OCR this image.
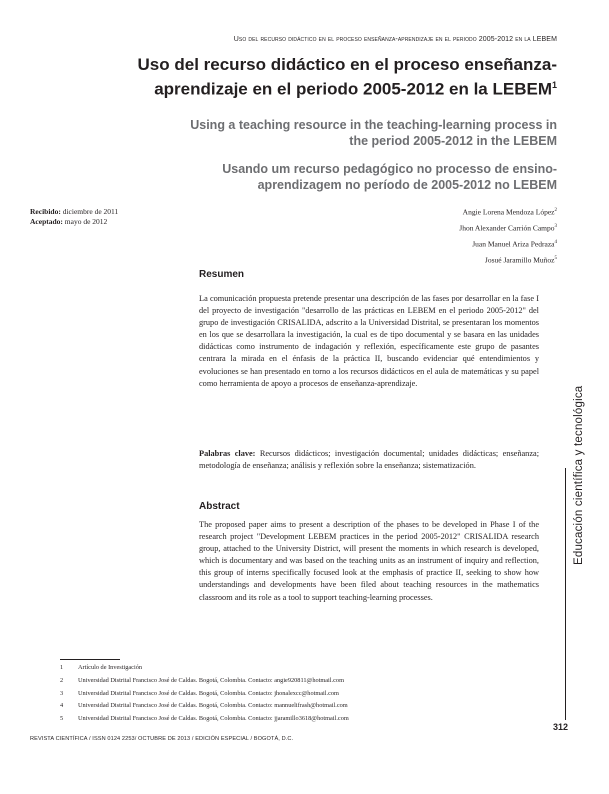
Uso del recurso didáctico en el proceso enseñanza-aprendizaje en el periodo 2005-2012 en la LEBEM
Uso del recurso didáctico en el proceso enseñanza-aprendizaje en el periodo 2005-2012 en la LEBEM$^1$
Using a teaching resource in the teaching-learning process in the period 2005-2012 in the LEBEM
Usando um recurso pedagógico no processo de ensino-aprendizagem no período de 2005-2012 no LEBEM
Recibido: diciembre de 2011
Aceptado: mayo de 2012
Angie Lorena Mendoza López$^2$
Jhon Alexander Carrión Campo$^3$
Juan Manuel Ariza Pedraza$^4$
Josué Jaramillo Muñoz$^5$
Resumen
La comunicación propuesta pretende presentar una descripción de las fases por desarrollar en la fase I del proyecto de investigación "desarrollo de las prácticas en LEBEM en el periodo 2005-2012" del grupo de investigación CRISALIDA, adscrito a la Universidad Distrital, se presentaran los momentos en los que se desarrollara la investigación, la cual es de tipo documental y se basara en las unidades didácticas como instrumento de indagación y reflexión, específicamente este grupo de pasantes centrara la mirada en el énfasis de la práctica II, buscando evidenciar qué entendimientos y evoluciones se han presentado en torno a los recursos didácticos en el aula de matemáticas y su papel como herramienta de apoyo a procesos de enseñanza-aprendizaje.
Palabras clave: Recursos didácticos; investigación documental; unidades didácticas; enseñanza; metodología de enseñanza; análisis y reflexión sobre la enseñanza; sistematización.
Abstract
The proposed paper aims to present a description of the phases to be developed in Phase I of the research project "Development LEBEM practices in the period 2005-2012" CRISALIDA research group, attached to the University District, will present the moments in which research is developed, which is documentary and was based on the teaching units as an instrument of inquiry and reflection, this group of interns specifically focused look at the emphasis of practice II, seeking to show how understandings and developments have been filed about teaching resources in the mathematics classroom and its role as a tool to support teaching-learning processes.
Educación científica y tecnológica
312
1 Artículo de Investigación
2 Universidad Distrital Francisco José de Caldas. Bogotá, Colombia. Contacto: angie920811@hotmail.com
3 Universidad Distrital Francisco José de Caldas. Bogotá, Colombia. Contacto: jhonalexcc@hotmail.com
4 Universidad Distrital Francisco José de Caldas. Bogotá, Colombia. Contacto: mannuelifrash@hotmail.com
5 Universidad Distrital Francisco José de Caldas. Bogotá, Colombia. Contacto: jjaramillo3618@hotmail.com
REVISTA CIENTÍFICA / ISSN 0124 2253/ OCTUBRE DE 2013 / EDICIÓN ESPECIAL / BOGOTÁ, D.C.
